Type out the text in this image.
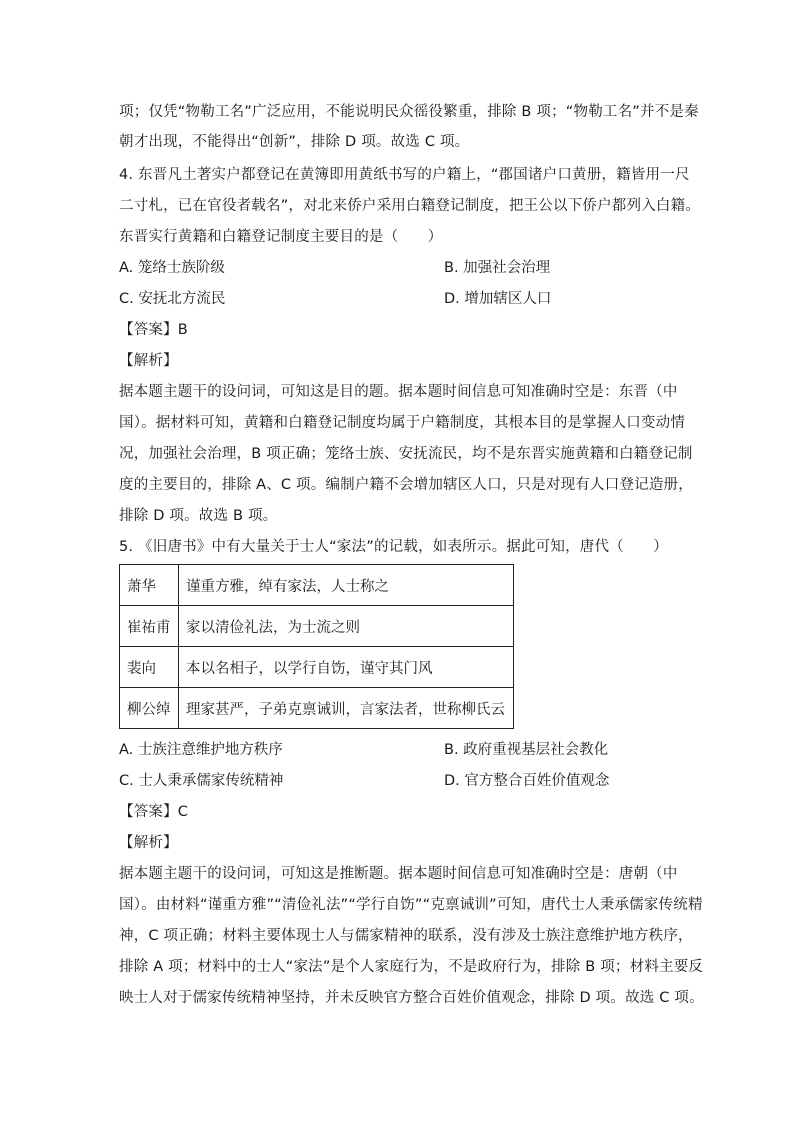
项；仅凭“物勒工名”广泛应用，不能说明民众徭役繁重，排除 B 项；“物勒工名”并不是秦
朝才出现，不能得出“创新”，排除 D 项。故选 C 项。
4. 东晋凡土著实户都登记在黄簿即用黄纸书写的户籍上，“郡国诸户口黄册，籍皆用一尺
二寸札，已在官役者载名”，对北来侨户采用白籍登记制度，把王公以下侨户都列入白籍。
东晋实行黄籍和白籍登记制度主要目的是（　　）
A. 笼络士族阶级	B. 加强社会治理
C. 安抚北方流民	D. 增加辖区人口
【答案】B
【解析】
据本题主题干的设问词，可知这是目的题。据本题时间信息可知准确时空是：东晋（中
国）。据材料可知，黄籍和白籍登记制度均属于户籍制度，其根本目的是掌握人口变动情
况，加强社会治理，B 项正确；笼络士族、安抚流民，均不是东晋实施黄籍和白籍登记制
度的主要目的，排除 A、C 项。编制户籍不会增加辖区人口，只是对现有人口登记造册，
排除 D 项。故选 B 项。
5. 《旧唐书》中有大量关于士人“家法”的记载，如表所示。据此可知，唐代（　　）
萧华	谨重方雅，绰有家法，人士称之
崔祐甫	家以清俭礼法，为士流之则
裴向	本以名相子，以学行自饬，谨守其门风
柳公绰	理家甚严，子弟克禀诫训，言家法者，世称柳氏云
A. 士族注意维护地方秩序	B. 政府重视基层社会教化
C. 士人秉承儒家传统精神	D. 官方整合百姓价值观念
【答案】C
【解析】
据本题主题干的设问词，可知这是推断题。据本题时间信息可知准确时空是：唐朝（中
国）。由材料“谨重方雅”“清俭礼法”“学行自饬”“克禀诫训”可知，唐代士人秉承儒家传统精
神，C 项正确；材料主要体现士人与儒家精神的联系，没有涉及士族注意维护地方秩序，
排除 A 项；材料中的士人“家法”是个人家庭行为，不是政府行为，排除 B 项；材料主要反
映士人对于儒家传统精神坚持，并未反映官方整合百姓价值观念，排除 D 项。故选 C 项。
